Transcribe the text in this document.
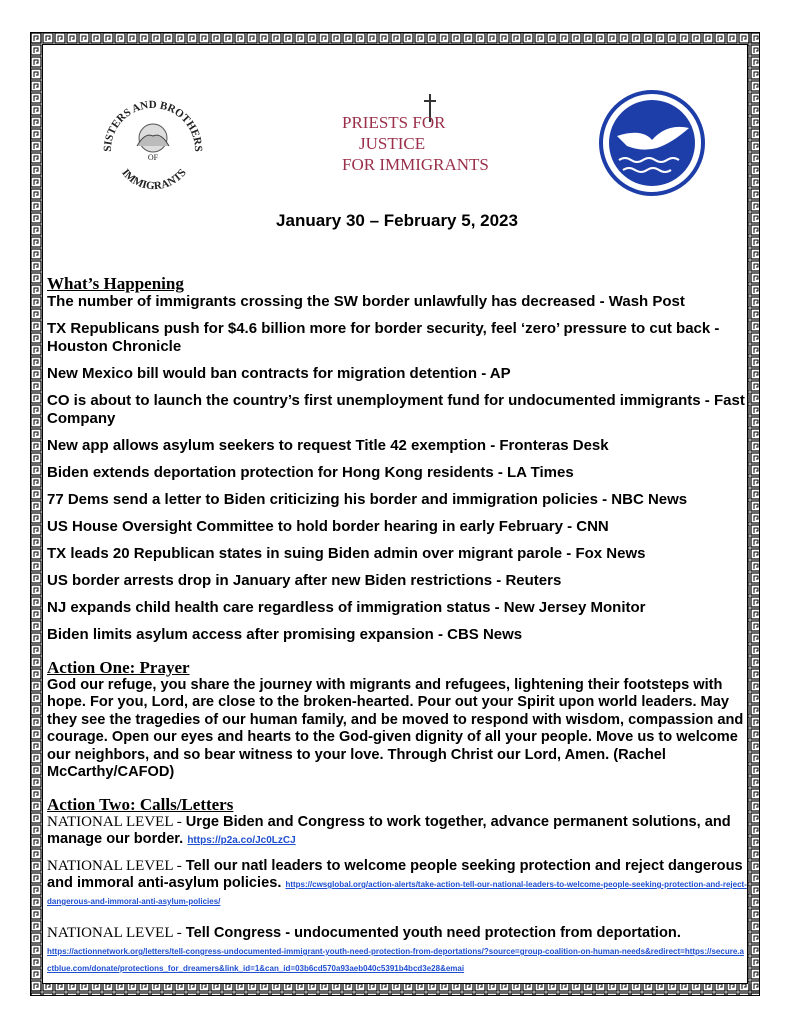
SISTERS AND BROTHERS
IMMIGRANTS
OF
PRIESTS FOR
JUSTICE
FOR IMMIGRANTS
January 30 – February 5, 2023

What’s Happening

The number of immigrants crossing the SW border unlawfully has decreased - Wash Post

TX Republicans push for $4.6 billion more for border security, feel ‘zero’ pressure to cut back - Houston Chronicle

New Mexico bill would ban contracts for migration detention - AP

CO is about to launch the country’s first unemployment fund for undocumented immigrants - Fast Company

New app allows asylum seekers to request Title 42 exemption - Fronteras Desk

Biden extends deportation protection for Hong Kong residents - LA Times

77 Dems send a letter to Biden criticizing his border and immigration policies - NBC News

US House Oversight Committee to hold border hearing in early February - CNN

TX leads 20 Republican states in suing Biden admin over migrant parole - Fox News

US border arrests drop in January after new Biden restrictions - Reuters

NJ expands child health care regardless of immigration status - New Jersey Monitor

Biden limits asylum access after promising expansion - CBS News

Action One: Prayer

God our refuge, you share the journey with migrants and refugees, lightening their footsteps with hope. For you, Lord, are close to the broken-hearted. Pour out your Spirit upon world leaders. May they see the tragedies of our human family, and be moved to respond with wisdom, compassion and courage. Open our eyes and hearts to the God-given dignity of all your people. Move us to welcome our neighbors, and so bear witness to your love. Through Christ our Lord, Amen. (Rachel McCarthy/CAFOD)

Action Two: Calls/Letters

NATIONAL LEVEL - Urge Biden and Congress to work together, advance permanent solutions, and manage our border. https://p2a.co/Jc0LzCJ

NATIONAL LEVEL - Tell our natl leaders to welcome people seeking protection and reject dangerous and immoral anti-asylum policies. https://cwsglobal.org/action-alerts/take-action-tell-our-national-leaders-to-welcome-people-seeking-protection-and-reject-dangerous-and-immoral-anti-asylum-policies/

NATIONAL LEVEL - Tell Congress - undocumented youth need protection from deportation.
https://actionnetwork.org/letters/tell-congress-undocumented-immigrant-youth-need-protection-from-deportations/?source=group-coalition-on-human-needs&redirect=https://secure.actblue.com/donate/protections_for_dreamers&link_id=1&can_id=03b6cd570a93aeb040c5391b4bcd3e28&emai
